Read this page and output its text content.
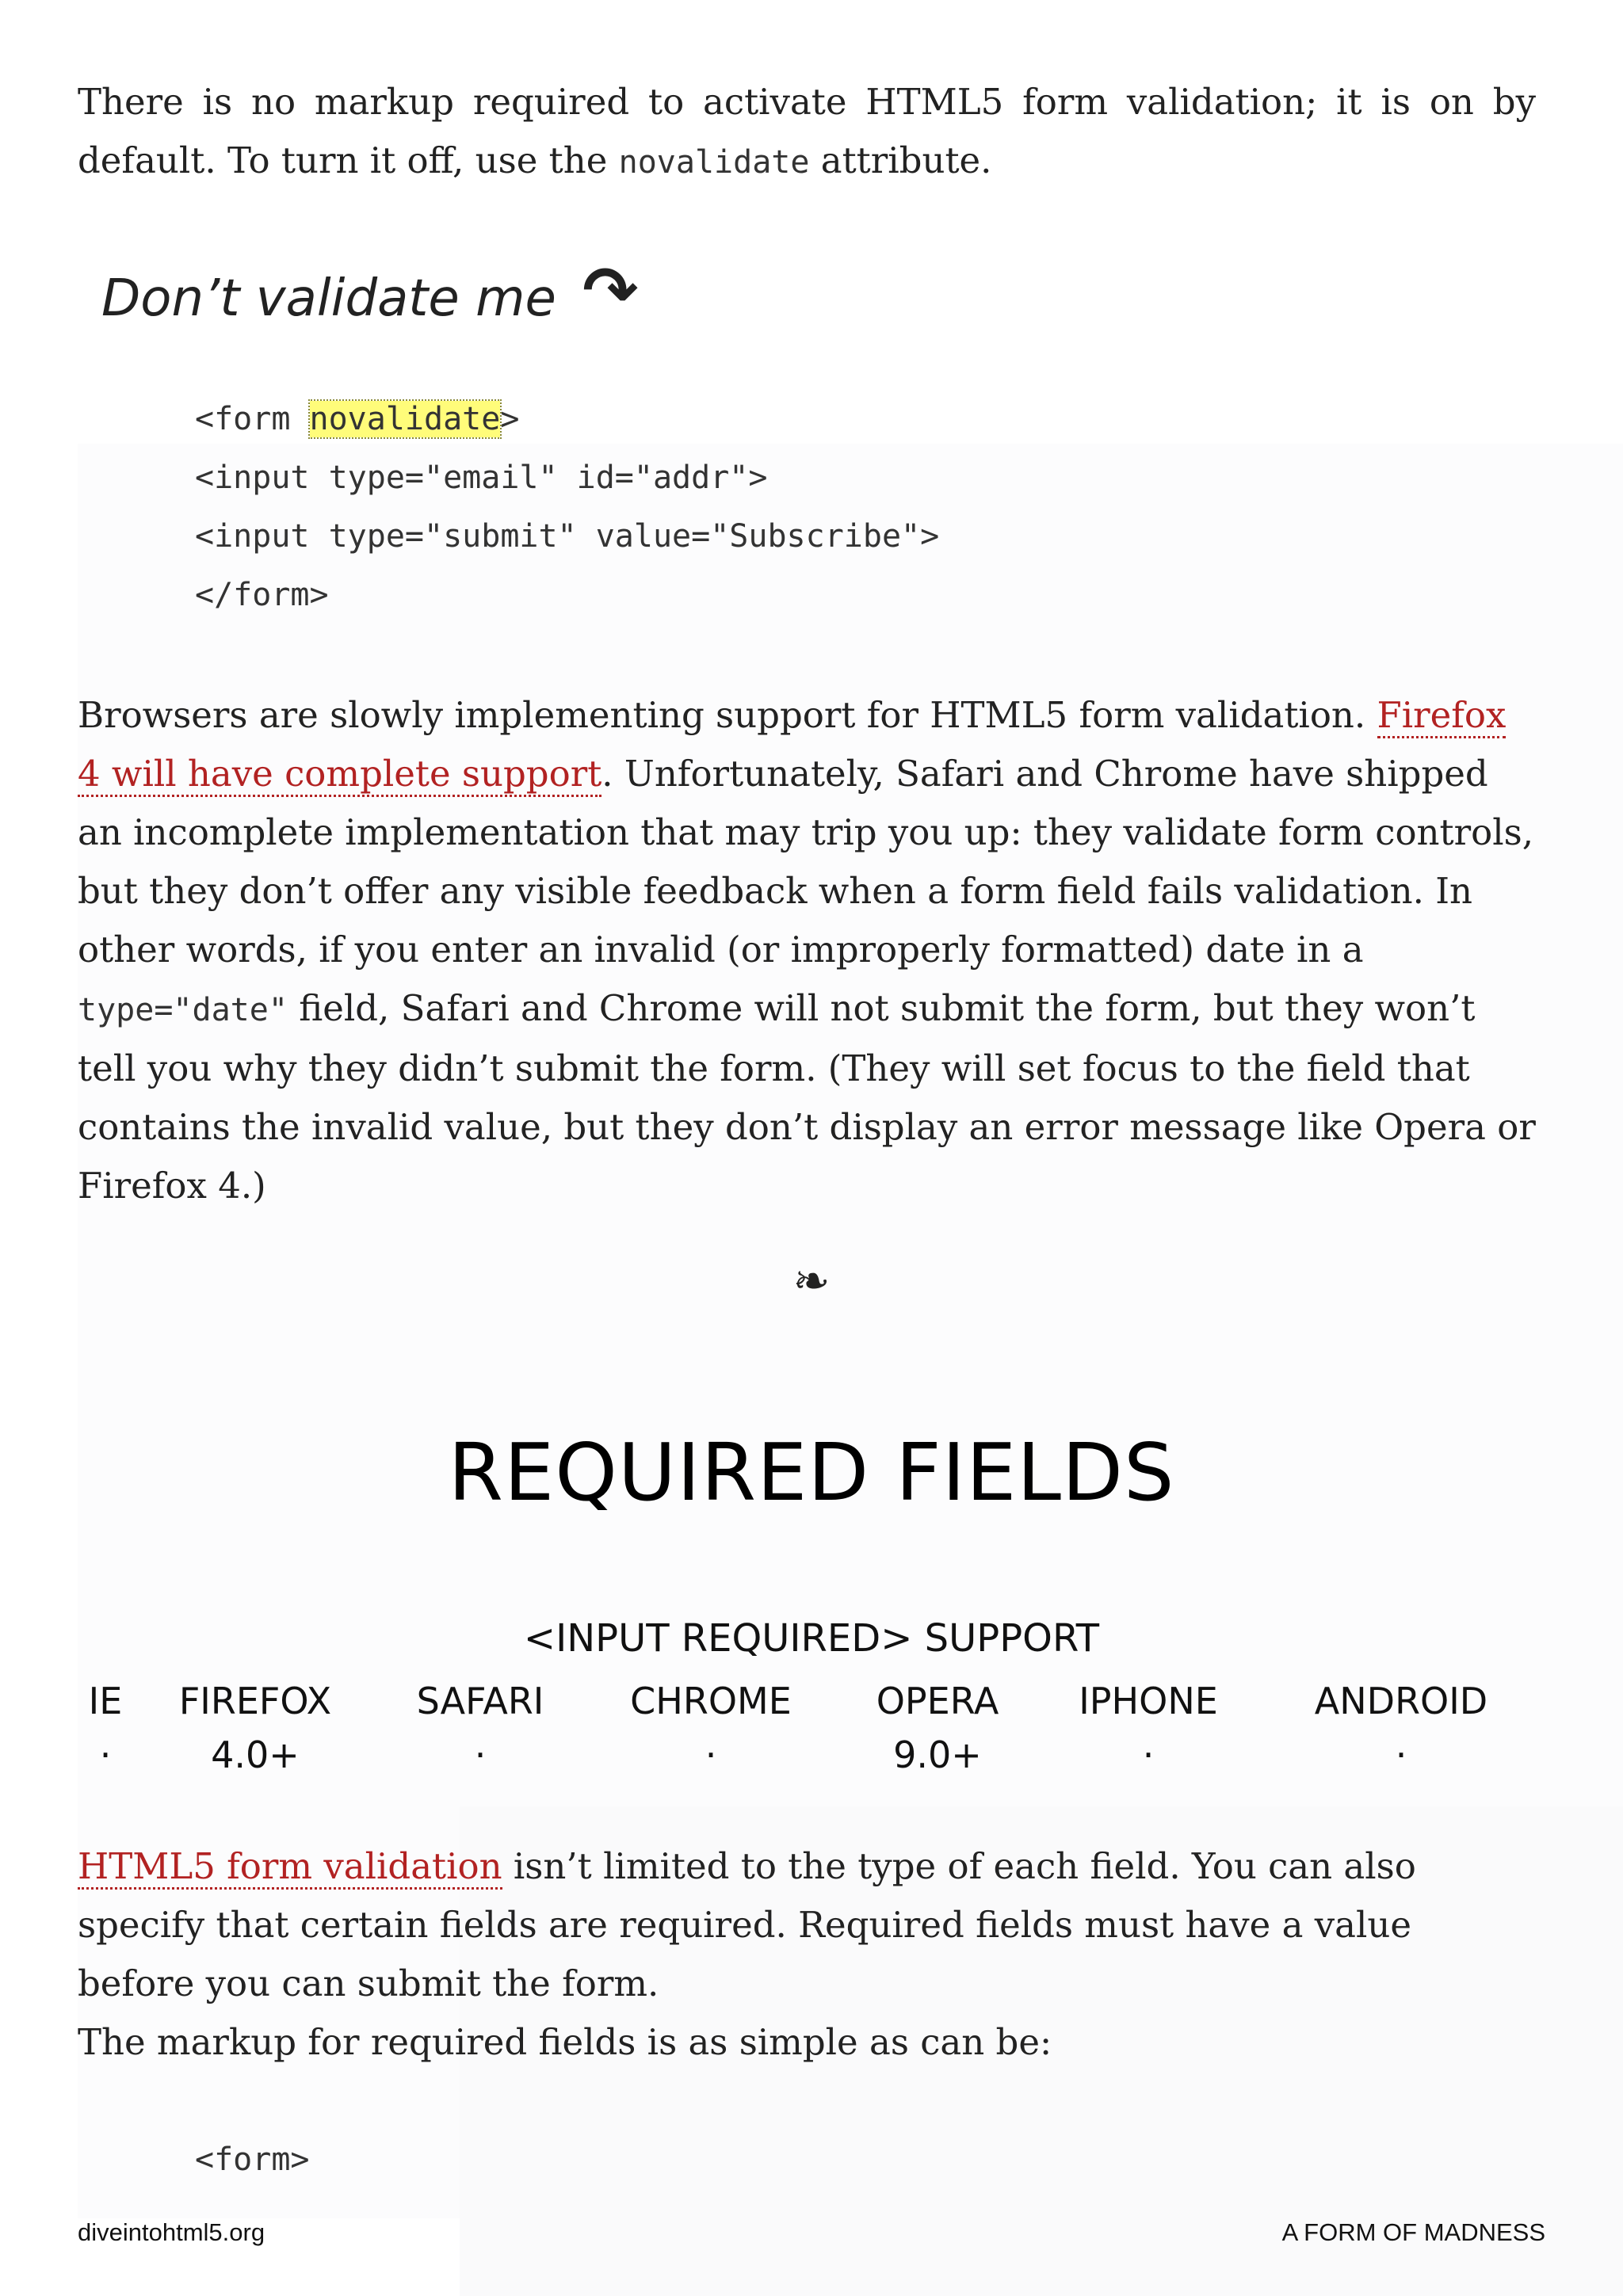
There is no markup required to activate HTML5 form validation; it is on by default. To turn it off, use the novalidate attribute.

Don’t validate me ↷
<form novalidate>
<input type="email" id="addr">
<input type="submit" value="Subscribe">
</form>

Browsers are slowly implementing support for HTML5 form validation. Firefox 4 will have complete support. Unfortunately, Safari and Chrome have shipped an incomplete implementation that may trip you up: they validate form controls, but they don’t offer any visible feedback when a form field fails validation. In other words, if you enter an invalid (or improperly formatted) date in a type="date" field, Safari and Chrome will not submit the form, but they won’t tell you why they didn’t submit the form. (They will set focus to the field that contains the invalid value, but they don’t display an error message like Opera or Firefox 4.)

❧
REQUIRED FIELDS
<INPUT REQUIRED> SUPPORT
IE FIREFOX SAFARI CHROME OPERA IPHONE	ANDROID
·	4.0+	·	·	9.0+	·	·

HTML5 form validation isn’t limited to the type of each field. You can also specify that certain fields are required. Required fields must have a value before you can submit the form.

The markup for required fields is as simple as can be:

<form>
diveintohtml5.org	A FORM OF MADNESS
